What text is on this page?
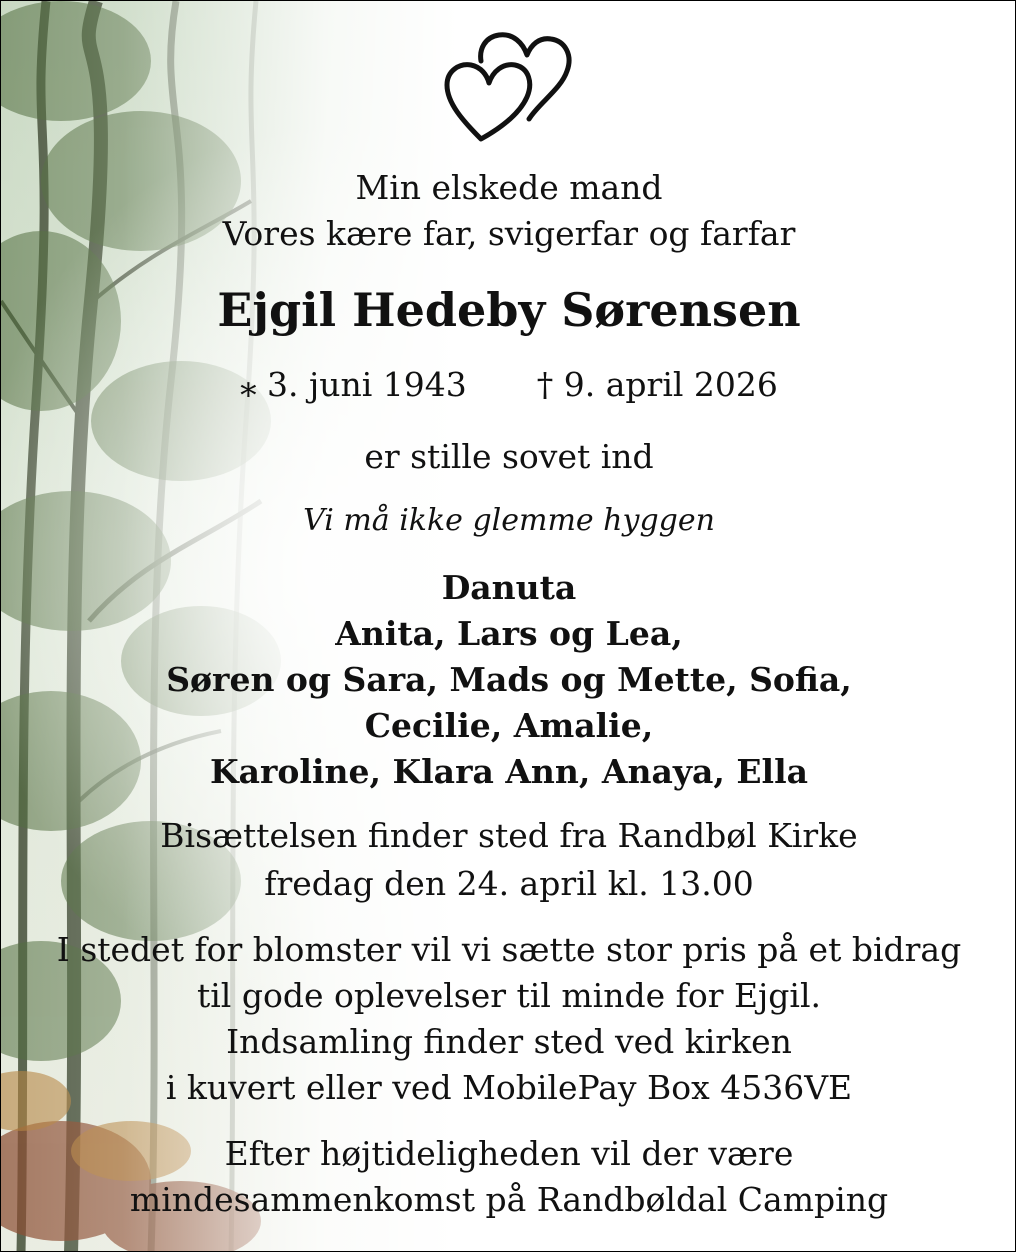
Min elskede mand
Vores kære far, svigerfar og farfar
Ejgil Hedeby Sørensen
⁎ 3. juni 1943 † 9. april 2026
er stille sovet ind
Vi må ikke glemme hyggen
Danuta
Anita, Lars og Lea,
Søren og Sara, Mads og Mette, Sofia,
Cecilie, Amalie,
Karoline, Klara Ann, Anaya, Ella
Bisættelsen finder sted fra Randbøl Kirke
fredag den 24. april kl. 13.00
I stedet for blomster vil vi sætte stor pris på et bidrag
til gode oplevelser til minde for Ejgil.
Indsamling finder sted ved kirken
i kuvert eller ved MobilePay Box 4536VE
Efter højtideligheden vil der være
mindesammenkomst på Randbøldal Camping
